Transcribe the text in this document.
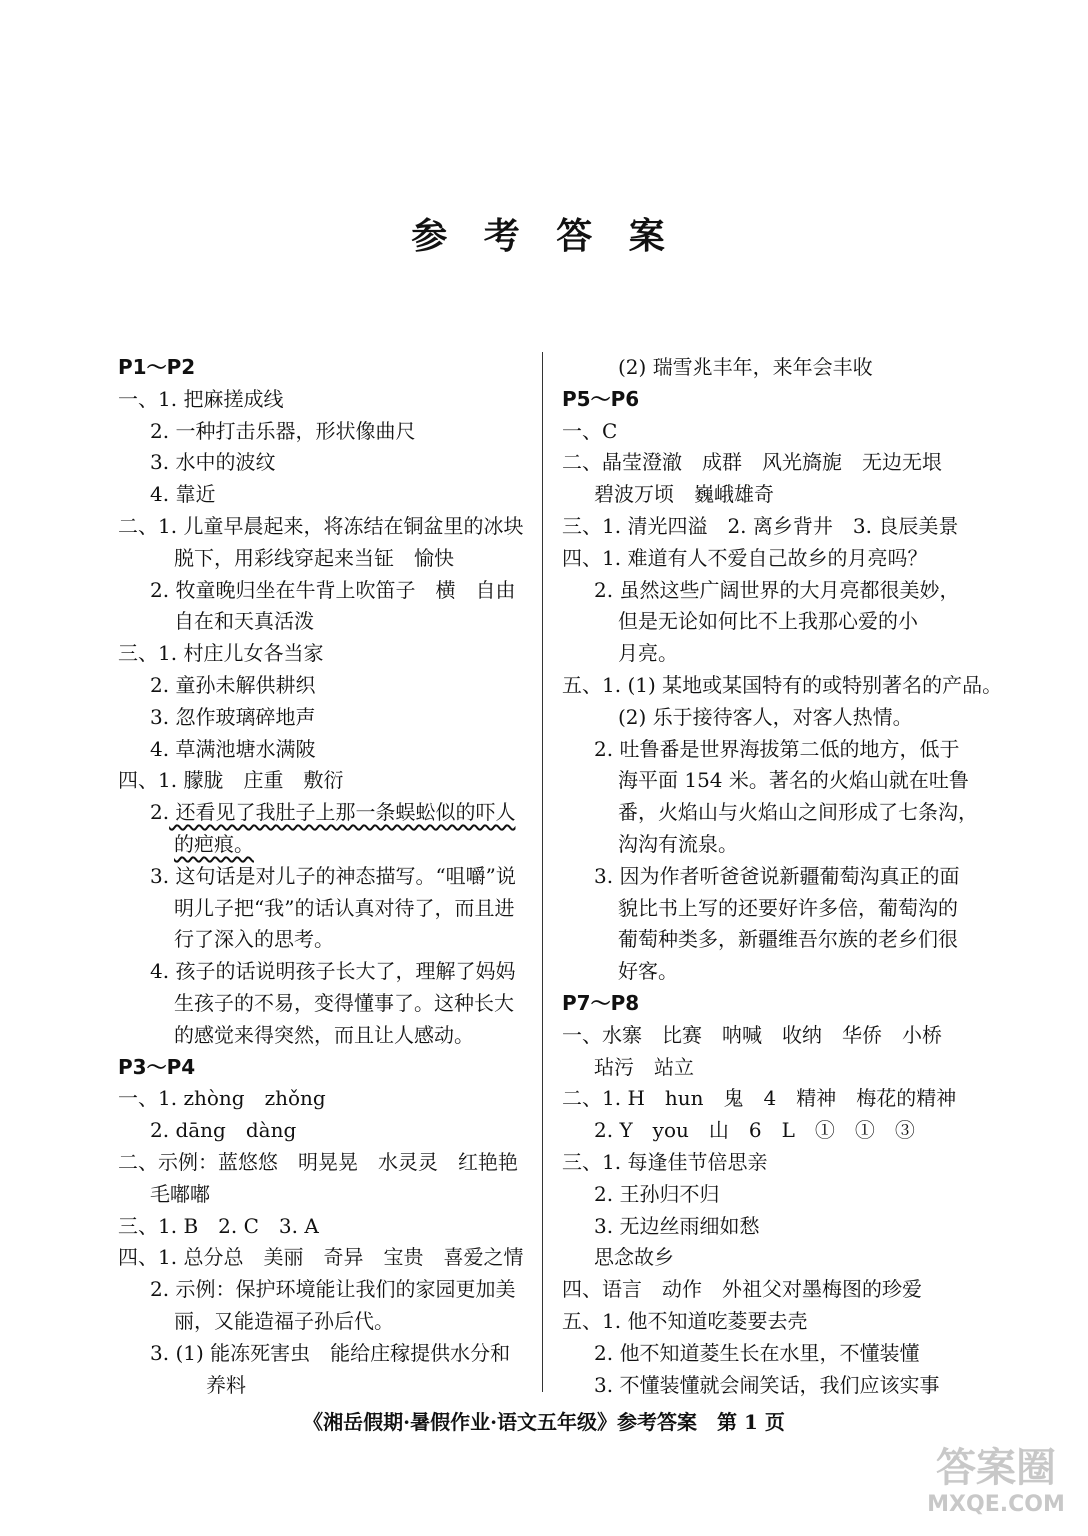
参 考 答 案
P1～P2
一、1. 把麻搓成线
2. 一种打击乐器，形状像曲尺
3. 水中的波纹
4. 靠近
二、1. 儿童早晨起来，将冻结在铜盆里的冰块
脱下，用彩线穿起来当钲　愉快
2. 牧童晚归坐在牛背上吹笛子　横　自由
自在和天真活泼
三、1. 村庄儿女各当家
2. 童孙未解供耕织
3. 忽作玻璃碎地声
4. 草满池塘水满陂
四、1. 朦胧　庄重　敷衍
2. 还看见了我肚子上那一条蜈蚣似的吓人
的疤痕。
3. 这句话是对儿子的神态描写。“咀嚼”说
明儿子把“我”的话认真对待了，而且进
行了深入的思考。
4. 孩子的话说明孩子长大了，理解了妈妈
生孩子的不易，变得懂事了。这种长大
的感觉来得突然，而且让人感动。
P3～P4
一、1. zhòng　zhǒng
2. dāng　dàng
二、示例：蓝悠悠　明晃晃　水灵灵　红艳艳
毛嘟嘟
三、1. B　2. C　3. A
四、1. 总分总　美丽　奇异　宝贵　喜爱之情
2. 示例：保护环境能让我们的家园更加美
丽，又能造福子孙后代。
3. (1) 能冻死害虫　能给庄稼提供水分和
养料
(2) 瑞雪兆丰年，来年会丰收
P5～P6
一、C
二、晶莹澄澈　成群　风光旖旎　无边无垠
碧波万顷　巍峨雄奇
三、1. 清光四溢　2. 离乡背井　3. 良辰美景
四、1. 难道有人不爱自己故乡的月亮吗？
2. 虽然这些广阔世界的大月亮都很美妙，
但是无论如何比不上我那心爱的小
月亮。
五、1. (1) 某地或某国特有的或特别著名的产品。
(2) 乐于接待客人，对客人热情。
2. 吐鲁番是世界海拔第二低的地方，低于
海平面 154 米。著名的火焰山就在吐鲁
番，火焰山与火焰山之间形成了七条沟，
沟沟有流泉。
3. 因为作者听爸爸说新疆葡萄沟真正的面
貌比书上写的还要好许多倍，葡萄沟的
葡萄种类多，新疆维吾尔族的老乡们很
好客。
P7～P8
一、水寨　比赛　呐喊　收纳　华侨　小桥
玷污　站立
二、1. H　hun　鬼　4　精神　梅花的精神
2. Y　you　山　6　L　①　①　③
三、1. 每逢佳节倍思亲
2. 王孙归不归
3. 无边丝雨细如愁
思念故乡
四、语言　动作　外祖父对墨梅图的珍爱
五、1. 他不知道吃菱要去壳
2. 他不知道菱生长在水里，不懂装懂
3. 不懂装懂就会闹笑话，我们应该实事
《湘岳假期·暑假作业·语文五年级》参考答案　第 1 页
答案圈
MXQE.COM
